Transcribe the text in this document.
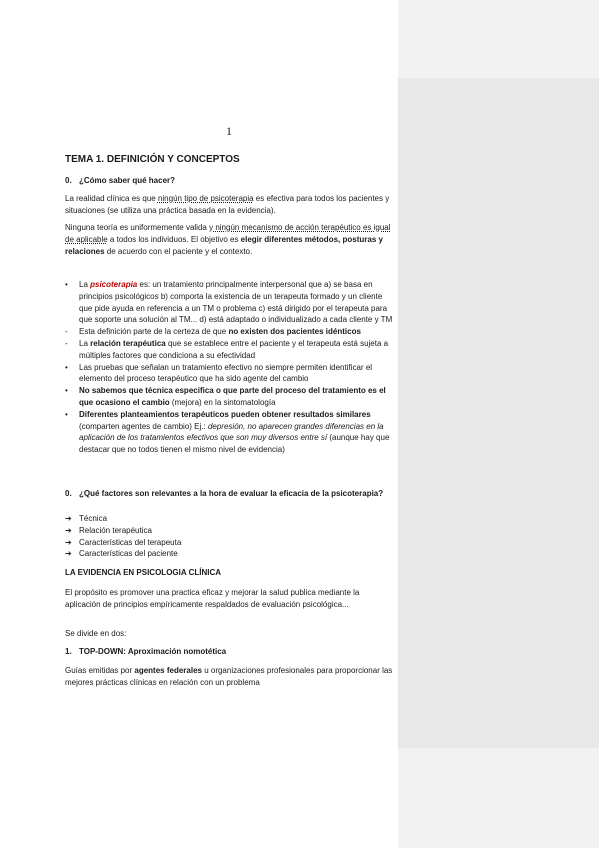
1
TEMA 1. DEFINICIÓN Y CONCEPTOS
0. ¿Cómo saber qué hacer?

La realidad clínica es que ningún tipo de psicoterapia es efectiva para todos los pacientes y situaciones (se utiliza una práctica basada en la evidencia).

Ninguna teoría es uniformemente valida y ningún mecanismo de acción terapéutico es igual de aplicable a todos los individuos. El objetivo es elegir diferentes métodos, posturas y relaciones de acuerdo con el paciente y el contexto.

• La psicoterapia es: un tratamiento principalmente interpersonal que a) se basa en principios psicológicos b) comporta la existencia de un terapeuta formado y un cliente que pide ayuda en referencia a un TM o problema c) está dirigido por el terapeuta para que soporte una solución al TM... d) está adaptado o individualizado a cada cliente y TM
- Esta definición parte de la certeza de que no existen dos pacientes idénticos
- La relación terapéutica que se establece entre el paciente y el terapeuta está sujeta a múltiples factores que condiciona a su efectividad
• Las pruebas que señalan un tratamiento efectivo no siempre permiten identificar el elemento del proceso terapéutico que ha sido agente del cambio
• No sabemos que técnica especifica o que parte del proceso del tratamiento es el que ocasiono el cambio (mejora) en la sintomatología
• Diferentes planteamientos terapéuticos pueden obtener resultados similares (comparten agentes de cambio) Ej.: depresión, no aparecen grandes diferencias en la aplicación de los tratamientos efectivos que son muy diversos entre sí (aunque hay que destacar que no todos tienen el mismo nivel de evidencia)
0. ¿Qué factores son relevantes a la hora de evaluar la eficacia de la psicoterapia?
➔ Técnica
➔ Relación terapéutica
➔ Características del terapeuta
➔ Características del paciente
LA EVIDENCIA EN PSICOLOGIA CLÍNICA

El propósito es promover una practica eficaz y mejorar la salud publica mediante la aplicación de principios empíricamente respaldados de evaluación psicológica...

Se divide en dos:

1. TOP-DOWN: Aproximación nomotética

Guías emitidas por agentes federales u organizaciones profesionales para proporcionar las mejores prácticas clínicas en relación con un problema
